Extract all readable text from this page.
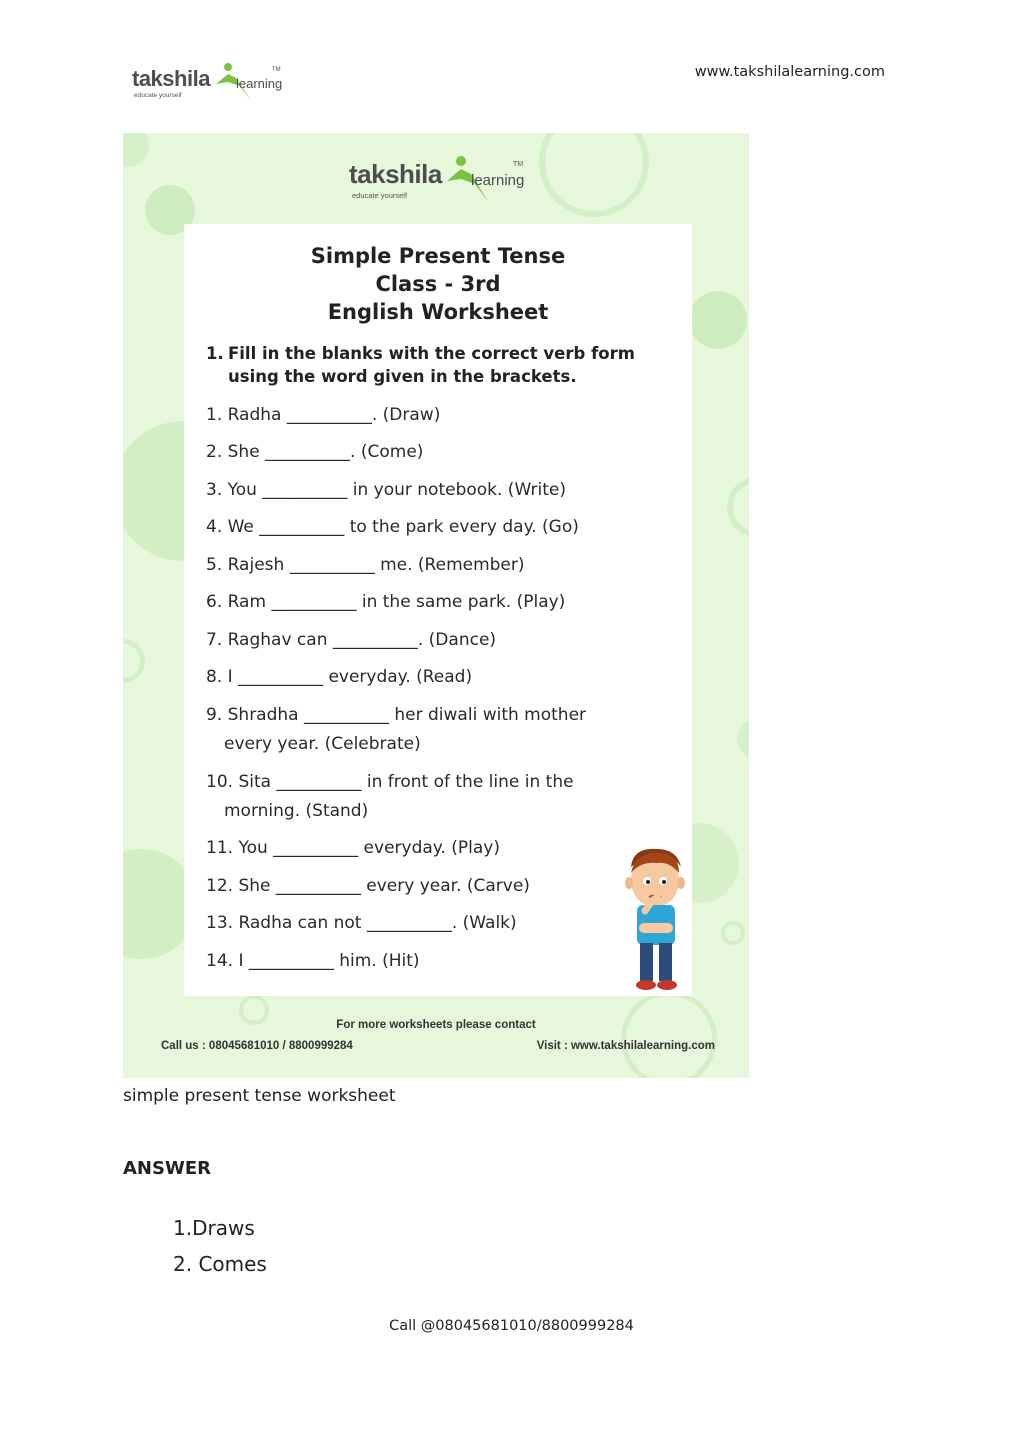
www.takshilalearning.com
takshila learning
TM
educate yourself
takshila learning
TM
educate yourself
Simple Present Tense
Class - 3rd
English Worksheet
1. Fill in the blanks with the correct verb form using the word given in the brackets.
1. Radha __________. (Draw)
2. She __________. (Come)
3. You __________ in your notebook. (Write)
4. We __________ to the park every day. (Go)
5. Rajesh __________ me. (Remember)
6. Ram __________ in the same park. (Play)
7. Raghav can __________. (Dance)
8. I __________ everyday. (Read)
9. Shradha __________ her diwali with mother
every year. (Celebrate)
10. Sita __________ in front of the line in the
morning. (Stand)
11. You __________ everyday. (Play)
12. She __________ every year. (Carve)
13. Radha can not __________. (Walk)
14. I __________ him. (Hit)
For more worksheets please contact
Call us : 08045681010 / 8800999284	Visit : www.takshilalearning.com
simple present tense worksheet
ANSWER
1.Draws
2. Comes
Call @08045681010/8800999284
